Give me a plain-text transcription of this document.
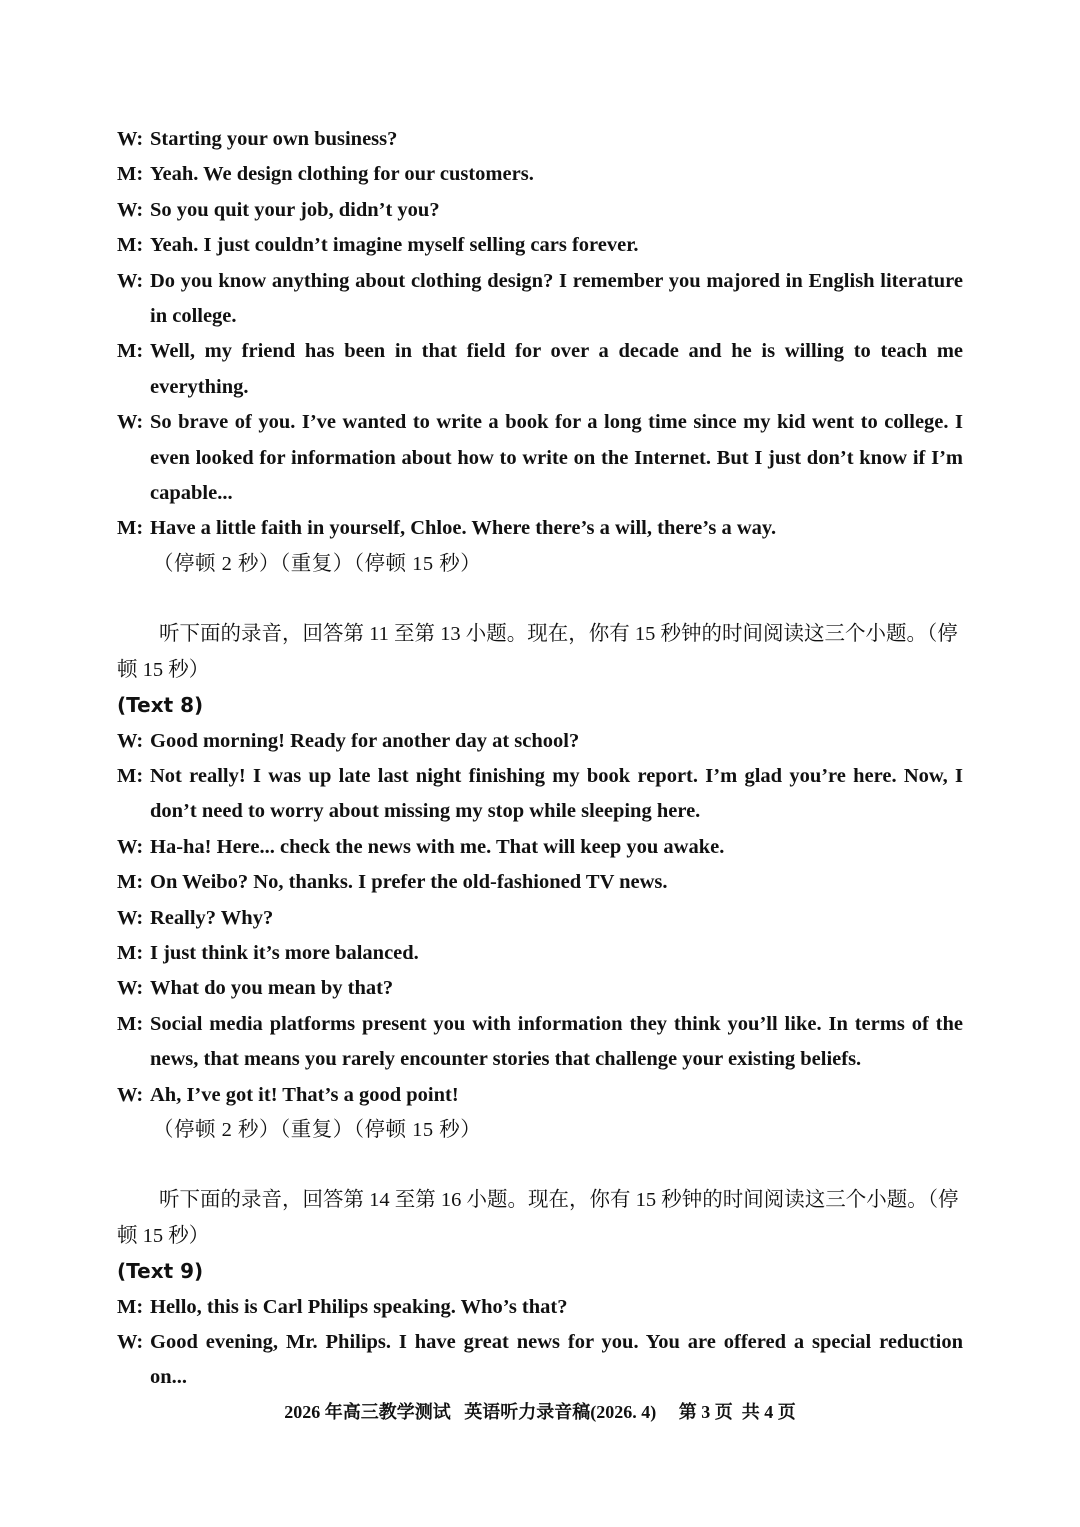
W: Starting your own business?
M: Yeah. We design clothing for our customers.
W: So you quit your job, didn’t you?
M: Yeah. I just couldn’t imagine myself selling cars forever.
W: Do you know anything about clothing design? I remember you majored in English literature in college.
M: Well, my friend has been in that field for over a decade and he is willing to teach me everything.
W: So brave of you. I’ve wanted to write a book for a long time since my kid went to college. I even looked for information about how to write on the Internet. But I just don’t know if I’m capable...
M: Have a little faith in yourself, Chloe. Where there’s a will, there’s a way.
（停顿 2 秒）（重复）（停顿 15 秒）
听下面的录音，回答第 11 至第 13 小题。现在，你有 15 秒钟的时间阅读这三个小题。（停顿 15 秒）
(Text 8)
W: Good morning! Ready for another day at school?
M: Not really! I was up late last night finishing my book report. I’m glad you’re here. Now, I don’t need to worry about missing my stop while sleeping here.
W: Ha-ha! Here... check the news with me. That will keep you awake.
M: On Weibo? No, thanks. I prefer the old-fashioned TV news.
W: Really? Why?
M: I just think it’s more balanced.
W: What do you mean by that?
M: Social media platforms present you with information they think you’ll like. In terms of the news, that means you rarely encounter stories that challenge your existing beliefs.
W: Ah, I’ve got it! That’s a good point!
（停顿 2 秒）（重复）（停顿 15 秒）
听下面的录音，回答第 14 至第 16 小题。现在，你有 15 秒钟的时间阅读这三个小题。（停顿 15 秒）
(Text 9)
M: Hello, this is Carl Philips speaking. Who’s that?
W: Good evening, Mr. Philips. I have great news for you. You are offered a special reduction on...
2026 年高三教学测试   英语听力录音稿(2026. 4) 第 3 页  共 4 页
